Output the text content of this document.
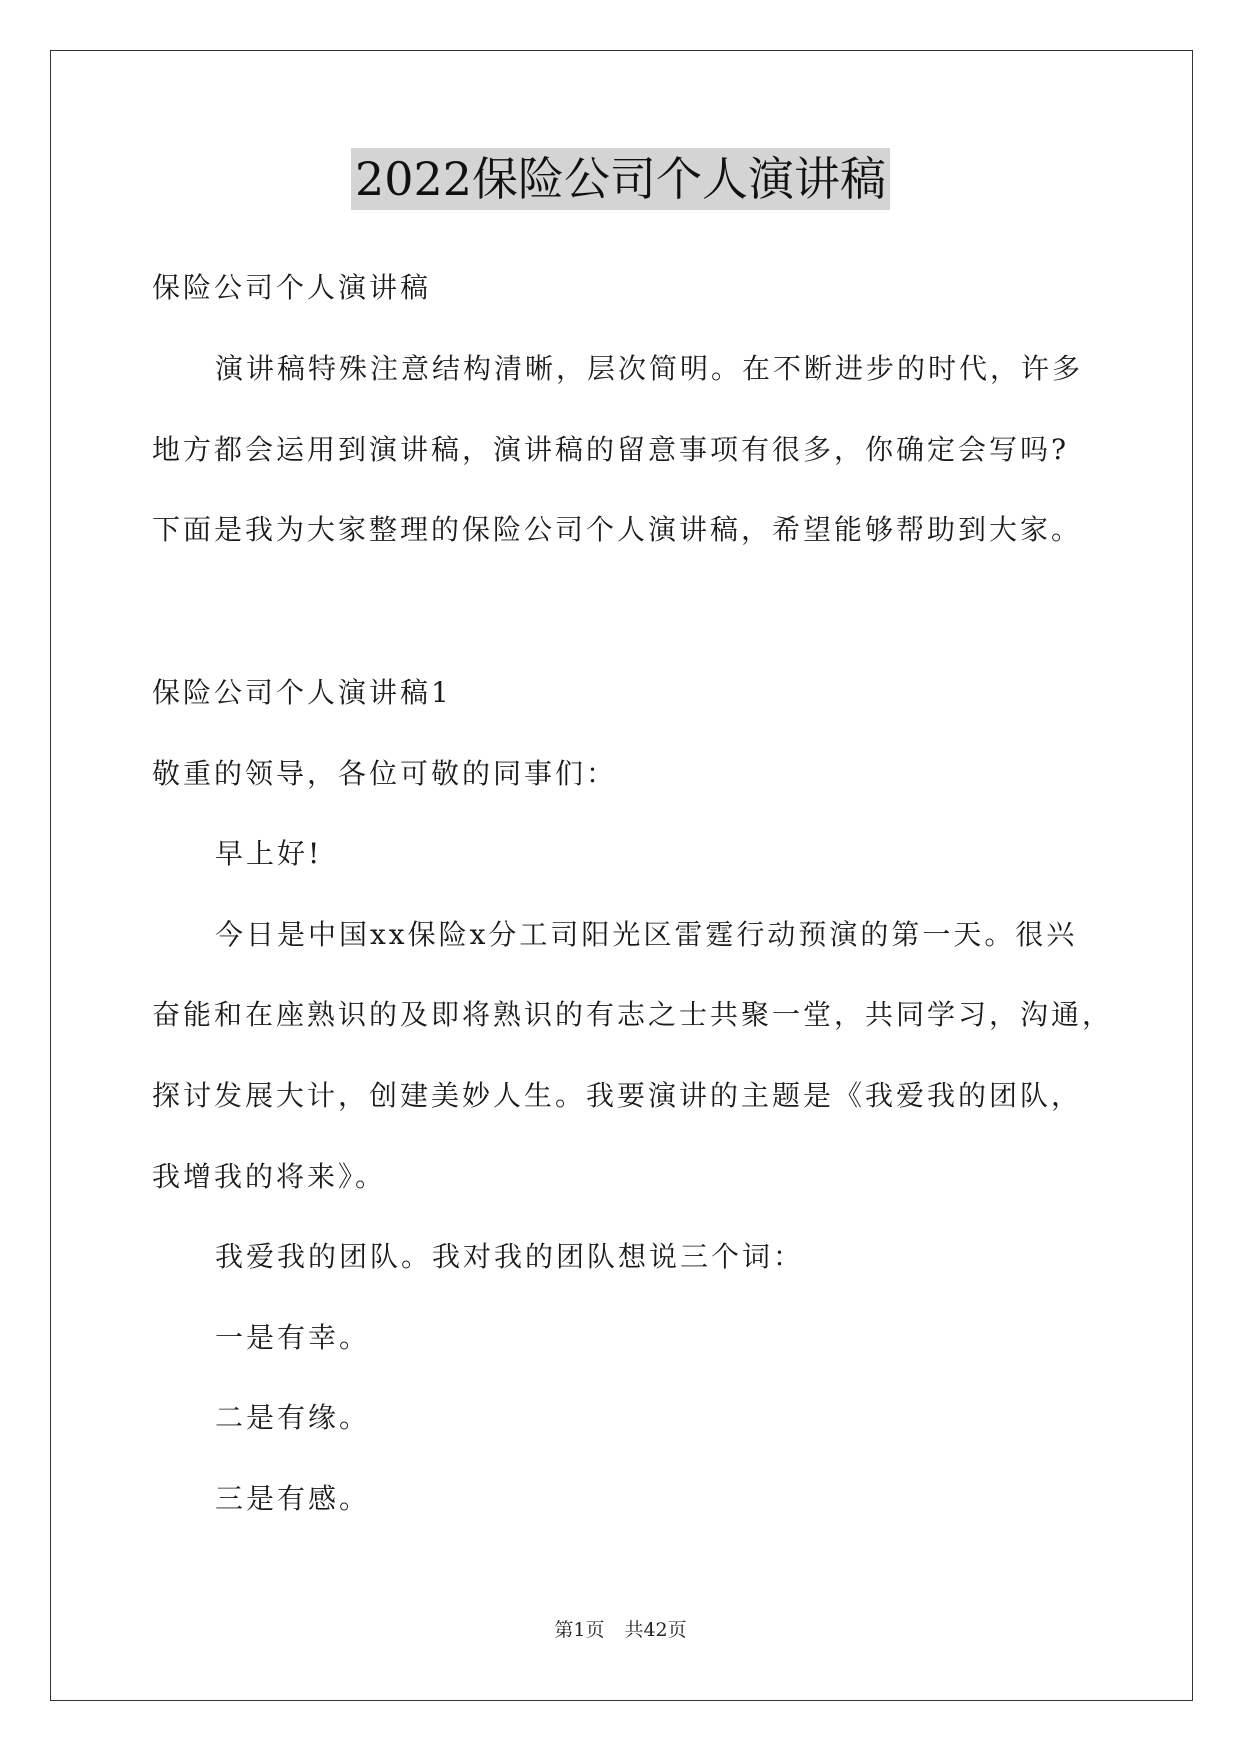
2022保险公司个人演讲稿
保险公司个人演讲稿
演讲稿特殊注意结构清晰，层次简明。在不断进步的时代，许多
地方都会运用到演讲稿，演讲稿的留意事项有很多，你确定会写吗?
下面是我为大家整理的保险公司个人演讲稿，希望能够帮助到大家。
保险公司个人演讲稿1
敬重的领导，各位可敬的同事们：
早上好!
今日是中国xx保险x分工司阳光区雷霆行动预演的第一天。很兴
奋能和在座熟识的及即将熟识的有志之士共聚一堂，共同学习，沟通，
探讨发展大计，创建美妙人生。我要演讲的主题是《我爱我的团队，
我增我的将来》。
我爱我的团队。我对我的团队想说三个词：
一是有幸。
二是有缘。
三是有感。
第1页 共42页
